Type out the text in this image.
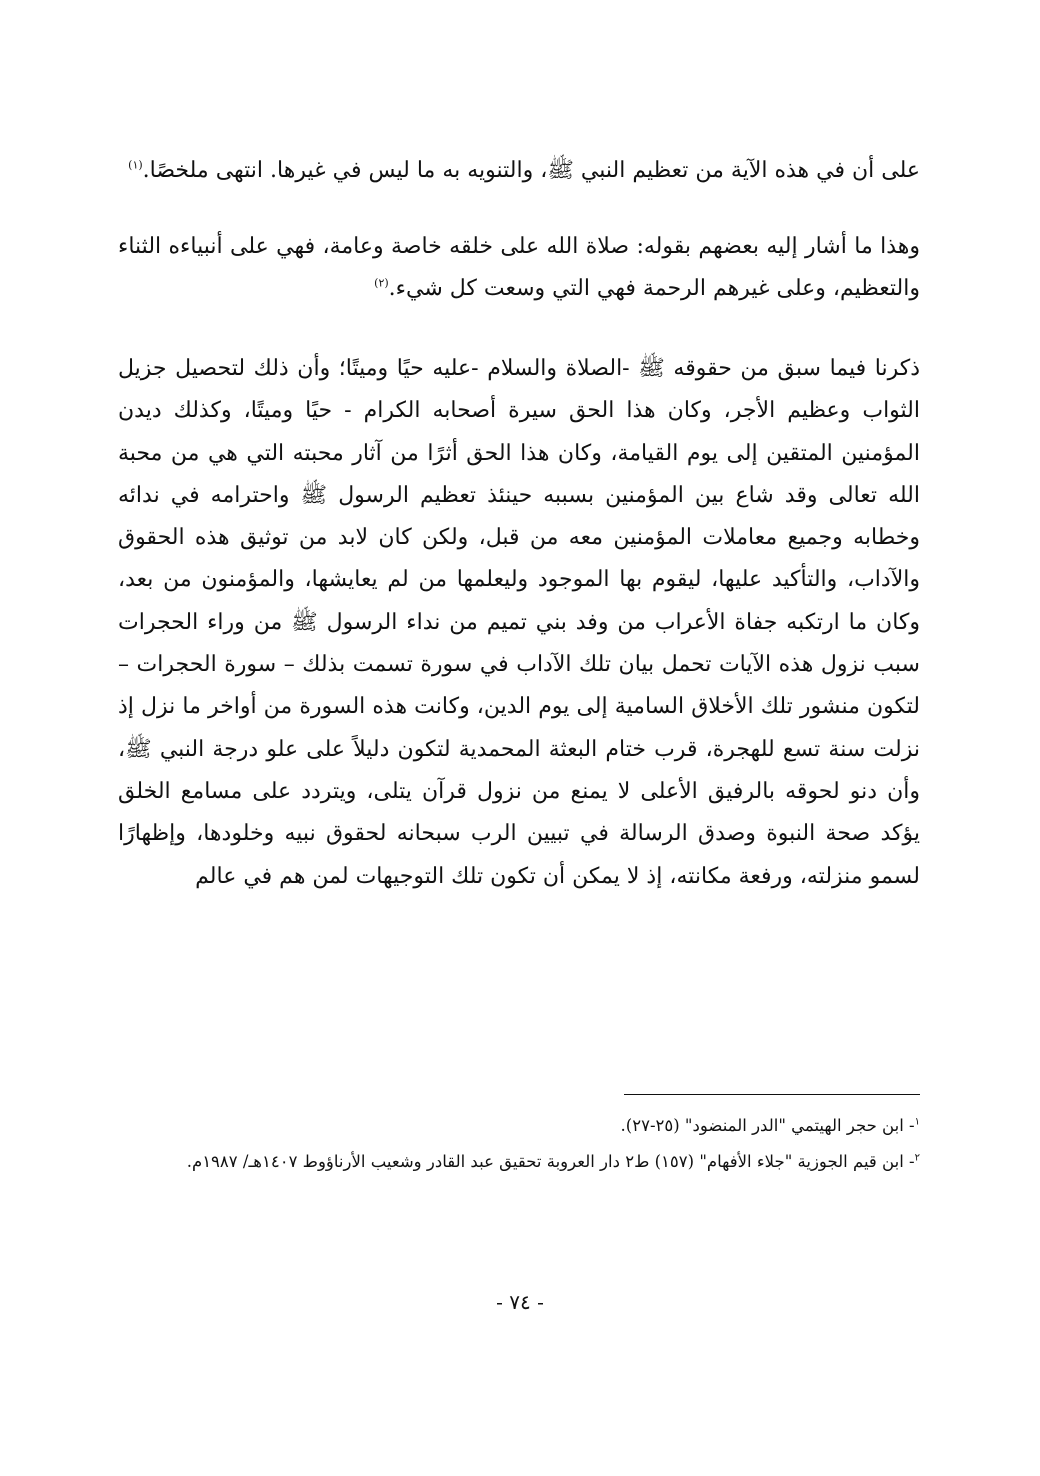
على أن في هذه الآية من تعظيم النبي ﷺ، والتنويه به ما ليس في غيرها. انتهى ملخصًا.$^{(١)}$
وهذا ما أشار إليه بعضهم بقوله: صلاة الله على خلقه خاصة وعامة، فهي على أنبياءه الثناء والتعظيم، وعلى غيرهم الرحمة فهي التي وسعت كل شيء.$^{(٢)}$
ذكرنا فيما سبق من حقوقه ﷺ -الصلاة والسلام -عليه حيًا وميتًا؛ وأن ذلك لتحصيل جزيل الثواب وعظيم الأجر، وكان هذا الحق سيرة أصحابه الكرام - حيًا وميتًا، وكذلك ديدن المؤمنين المتقين إلى يوم القيامة، وكان هذا الحق أثرًا من آثار محبته التي هي من محبة الله تعالى وقد شاع بين المؤمنين بسببه حينئذ تعظيم الرسول ﷺ واحترامه في ندائه وخطابه وجميع معاملات المؤمنين معه من قبل، ولكن كان لابد من توثيق هذه الحقوق والآداب، والتأكيد عليها، ليقوم بها الموجود وليعلمها من لم يعايشها، والمؤمنون من بعد، وكان ما ارتكبه جفاة الأعراب من وفد بني تميم من نداء الرسول ﷺ من وراء الحجرات سبب نزول هذه الآيات تحمل بيان تلك الآداب في سورة تسمت بذلك – سورة الحجرات – لتكون منشور تلك الأخلاق السامية إلى يوم الدين، وكانت هذه السورة من أواخر ما نزل إذ نزلت سنة تسع للهجرة، قرب ختام البعثة المحمدية لتكون دليلاً على علو درجة النبي ﷺ، وأن دنو لحوقه بالرفيق الأعلى لا يمنع من نزول قرآن يتلى، ويتردد على مسامع الخلق يؤكد صحة النبوة وصدق الرسالة في تبيين الرب سبحانه لحقوق نبيه وخلودها، وإظهارًا لسمو منزلته، ورفعة مكانته، إذ لا يمكن أن تكون تلك التوجيهات لمن هم في عالم

$^١$- ابن حجر الهيتمي "الدر المنضود" (٢٥-٢٧).

$^٢$- ابن قيم الجوزية "جلاء الأفهام" (١٥٧) ط٢ دار العروبة تحقيق عبد القادر وشعيب الأرناؤوط ١٤٠٧هـ/ ١٩٨٧م.

- ٧٤ -
